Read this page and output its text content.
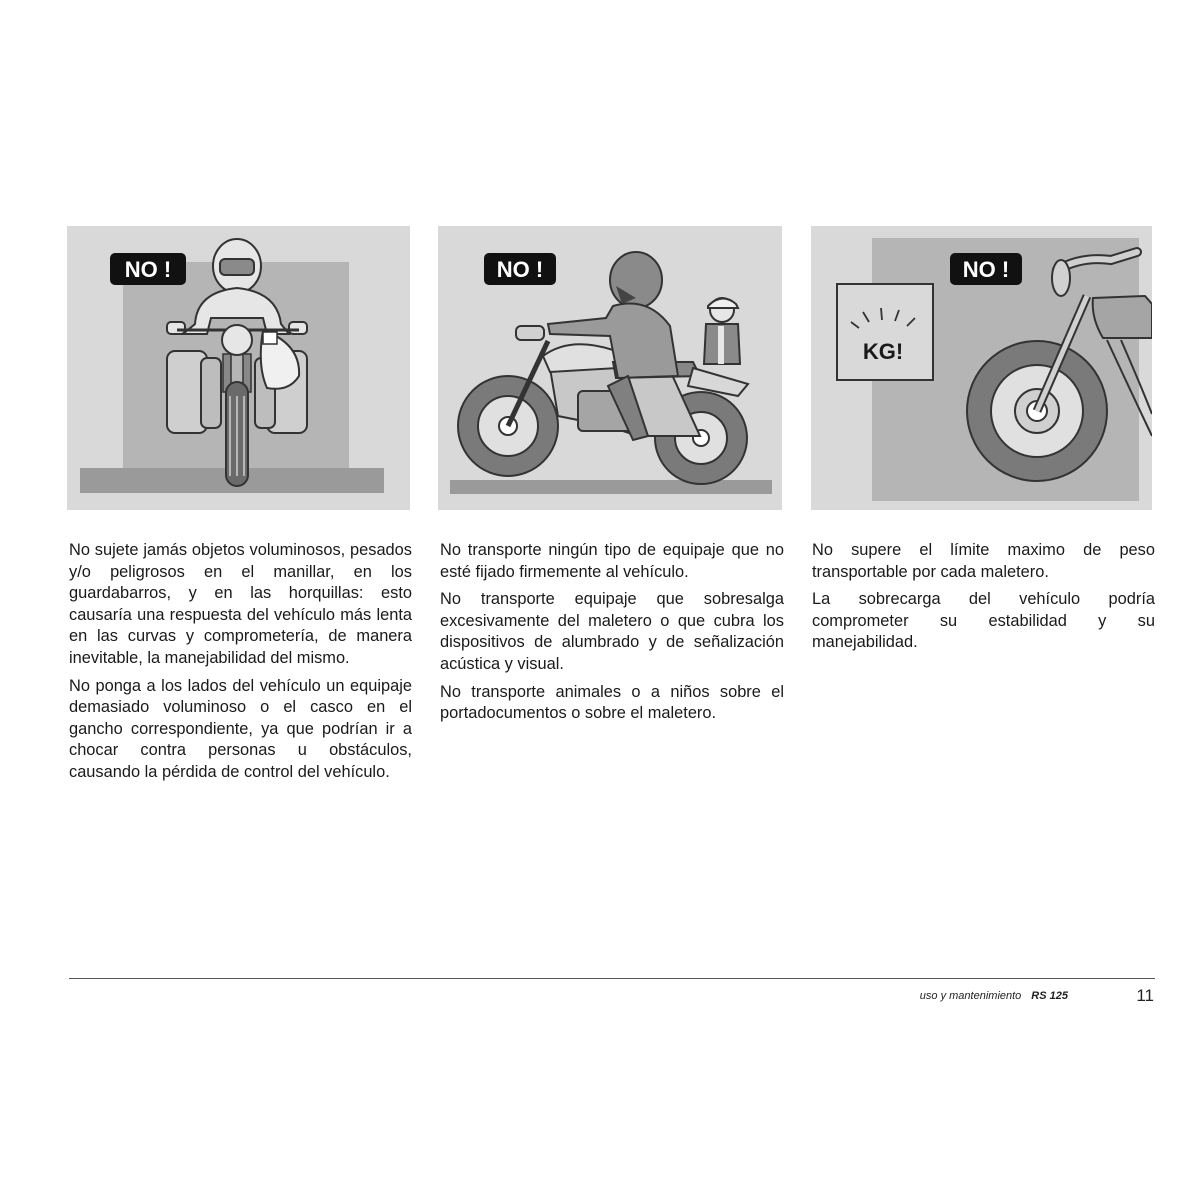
NO !	NO !
KG!
NO !

No sujete jamás objetos voluminosos, pesados y/o peligrosos en el manillar, en los guardabarros, y en las horquillas: esto causaría una respuesta del vehículo más lenta en las curvas y comprometería, de manera inevitable, la manejabilidad del mismo.

No ponga a los lados del vehículo un equipaje demasiado voluminoso o el casco en el gancho correspondiente, ya que podrían ir a chocar contra personas u obstáculos, causando la pérdida de control del vehículo.

No transporte ningún tipo de equipaje que no esté fijado firmemente al vehículo.

No transporte equipaje que sobresalga excesivamente del maletero o que cubra los dispositivos de alumbrado y de señalización acústica y visual.

No transporte animales o a niños sobre el portadocumentos o sobre el maletero.

No supere el límite maximo de peso transportable por cada maletero.

La sobrecarga del vehículo podría comprometer su estabilidad y su manejabilidad.

uso y mantenimiento RS 125	11
